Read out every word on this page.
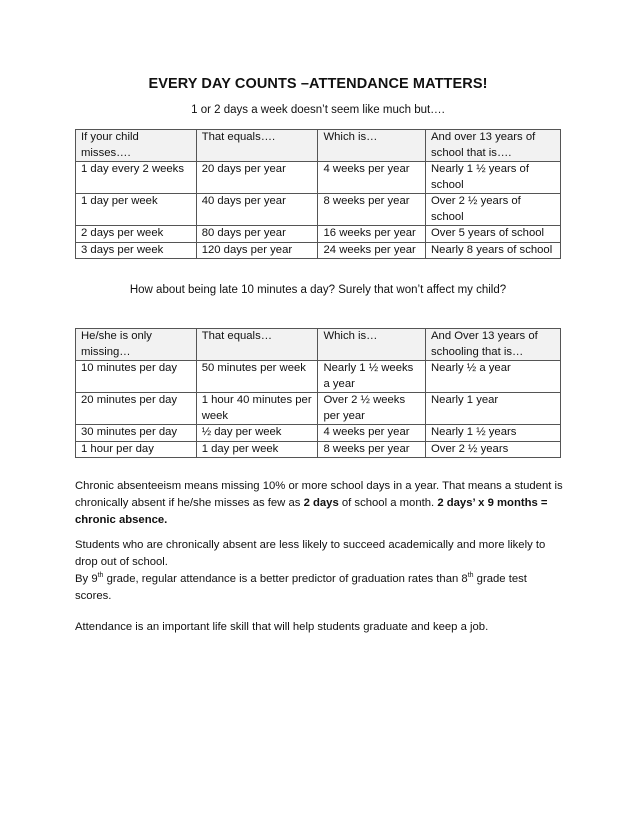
EVERY DAY COUNTS –ATTENDANCE MATTERS!
1 or 2 days a week doesn’t seem like much but….
If your child misses….	That equals….	Which is…	And over 13 years of school that is….
1 day every 2 weeks	20 days per year	4 weeks per year	Nearly 1 ½ years of school
1 day per week	40 days per year	8 weeks per year	Over 2 ½ years of school
2 days per week	80 days per year	16 weeks per year	Over 5 years of school
3 days per week	120 days per year	24 weeks per year	Nearly 8 years of school
How about being late 10 minutes a day? Surely that won’t affect my child?
He/she is only missing…	That equals…	Which is…	And Over 13 years of schooling that is…
10 minutes per day	50 minutes per week	Nearly 1 ½ weeks a year	Nearly ½ a year
20 minutes per day	1 hour 40 minutes per week	Over 2 ½ weeks per year	Nearly 1 year
30 minutes per day	½ day per week	4 weeks per year	Nearly 1 ½ years
1 hour per day	1 day per week	8 weeks per year	Over 2 ½ years

Chronic absenteeism means missing 10% or more school days in a year. That means a student is chronically absent if he/she misses as few as 2 days of school a month. 2 days’ x 9 months = chronic absence.

Students who are chronically absent are less likely to succeed academically and more likely to drop out of school.

By 9th grade, regular attendance is a better predictor of graduation rates than 8th grade test scores.

Attendance is an important life skill that will help students graduate and keep a job.
